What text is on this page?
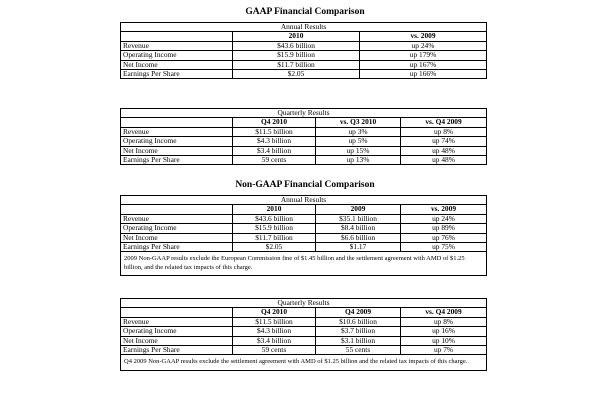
GAAP Financial Comparison
Annual Results		
	2010	vs. 2009
Revenue	$43.6 billion	up 24%
Operating Income	$15.9 billion	up 179%
Net Income	$11.7 billion	up 167%
Earnings Per Share	$2.05	up 166%
Quarterly Results			
	Q4 2010	vs. Q3 2010	vs. Q4 2009
Revenue	$11.5 billion	up 3%	up 8%
Operating Income	$4.3 billion	up 5%	up 74%
Net Income	$3.4 billion	up 15%	up 48%
Earnings Per Share	59 cents	up 13%	up 48%
Non-GAAP Financial Comparison
Annual Results			
	2010	2009	vs. 2009
Revenue	$43.6 billion	$35.1 billion	up 24%
Operating Income	$15.9 billion	$8.4 billion	up 89%
Net Income	$11.7 billion	$6.6 billion	up 76%
Earnings Per Share	$2.05	$1.17	up 75%
2009 Non-GAAP results exclude the European Commission fine of $1.45 billion and the settlement agreement with AMD of $1.25 billion, and the related tax impacts of this charge.			
Quarterly Results			
	Q4 2010	Q4 2009	vs. Q4 2009
Revenue	$11.5 billion	$10.6 billion	up 8%
Operating Income	$4.3 billion	$3.7 billion	up 16%
Net Income	$3.4 billion	$3.1 billion	up 10%
Earnings Per Share	59 cents	55 cents	up 7%
Q4 2009 Non-GAAP results exclude the settlement agreement with AMD of $1.25 billion and the related tax impacts of this charge.			
